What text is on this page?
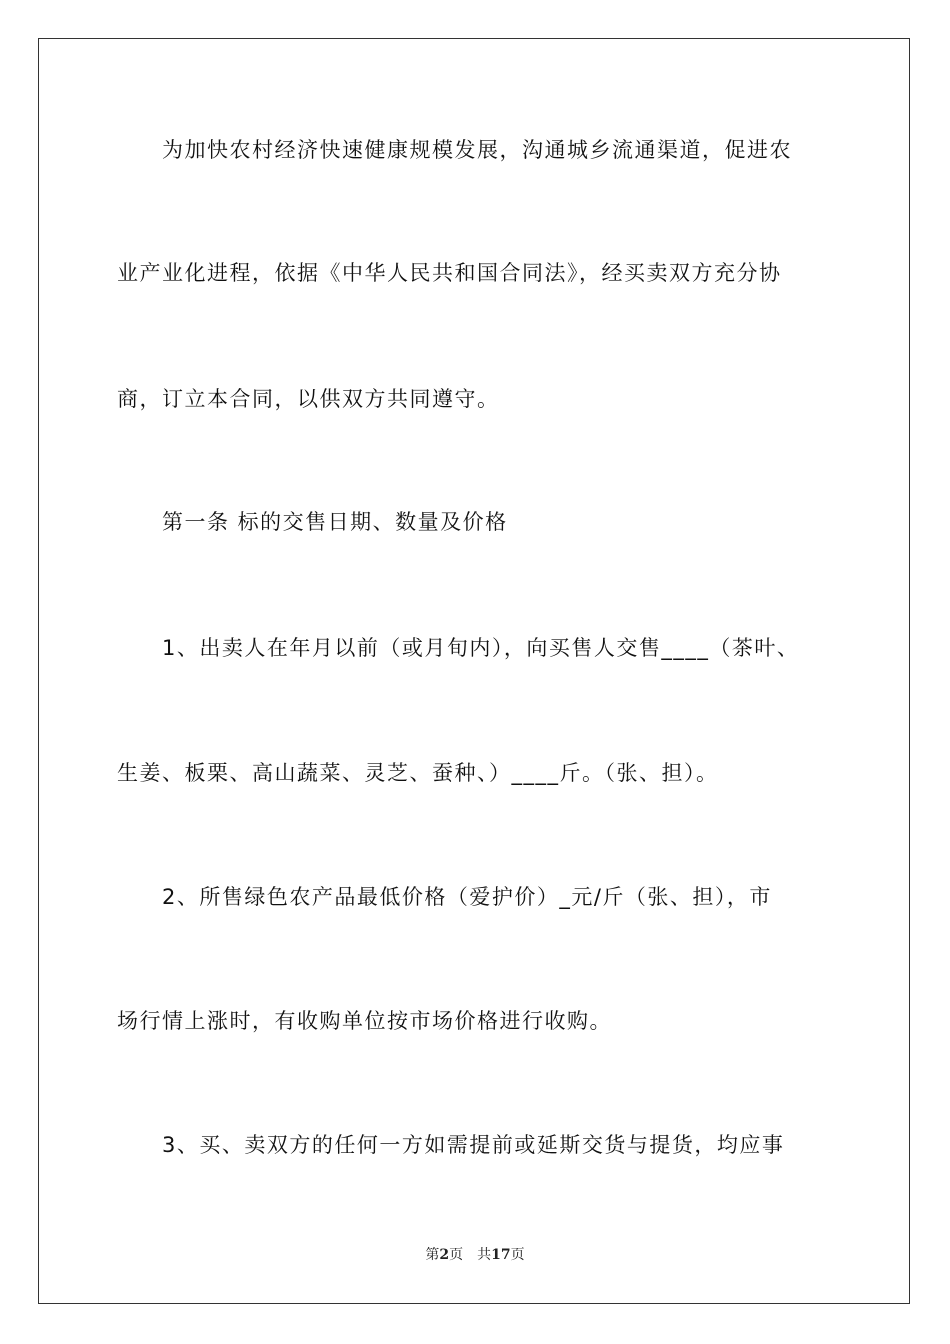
为加快农村经济快速健康规模发展，沟通城乡流通渠道，促进农
业产业化进程，依据《中华人民共和国合同法》，经买卖双方充分协
商，订立本合同，以供双方共同遵守。
第一条 标的交售日期、数量及价格
1、出卖人在年月以前（或月旬内），向买售人交售____（茶叶、
生姜、板栗、高山蔬菜、灵芝、蚕种、）____斤。（张、担）。
2、所售绿色农产品最低价格（爱护价）_元/斤（张、担），市
场行情上涨时，有收购单位按市场价格进行收购。
3、买、卖双方的任何一方如需提前或延斯交货与提货，均应事
第2页 共17页
